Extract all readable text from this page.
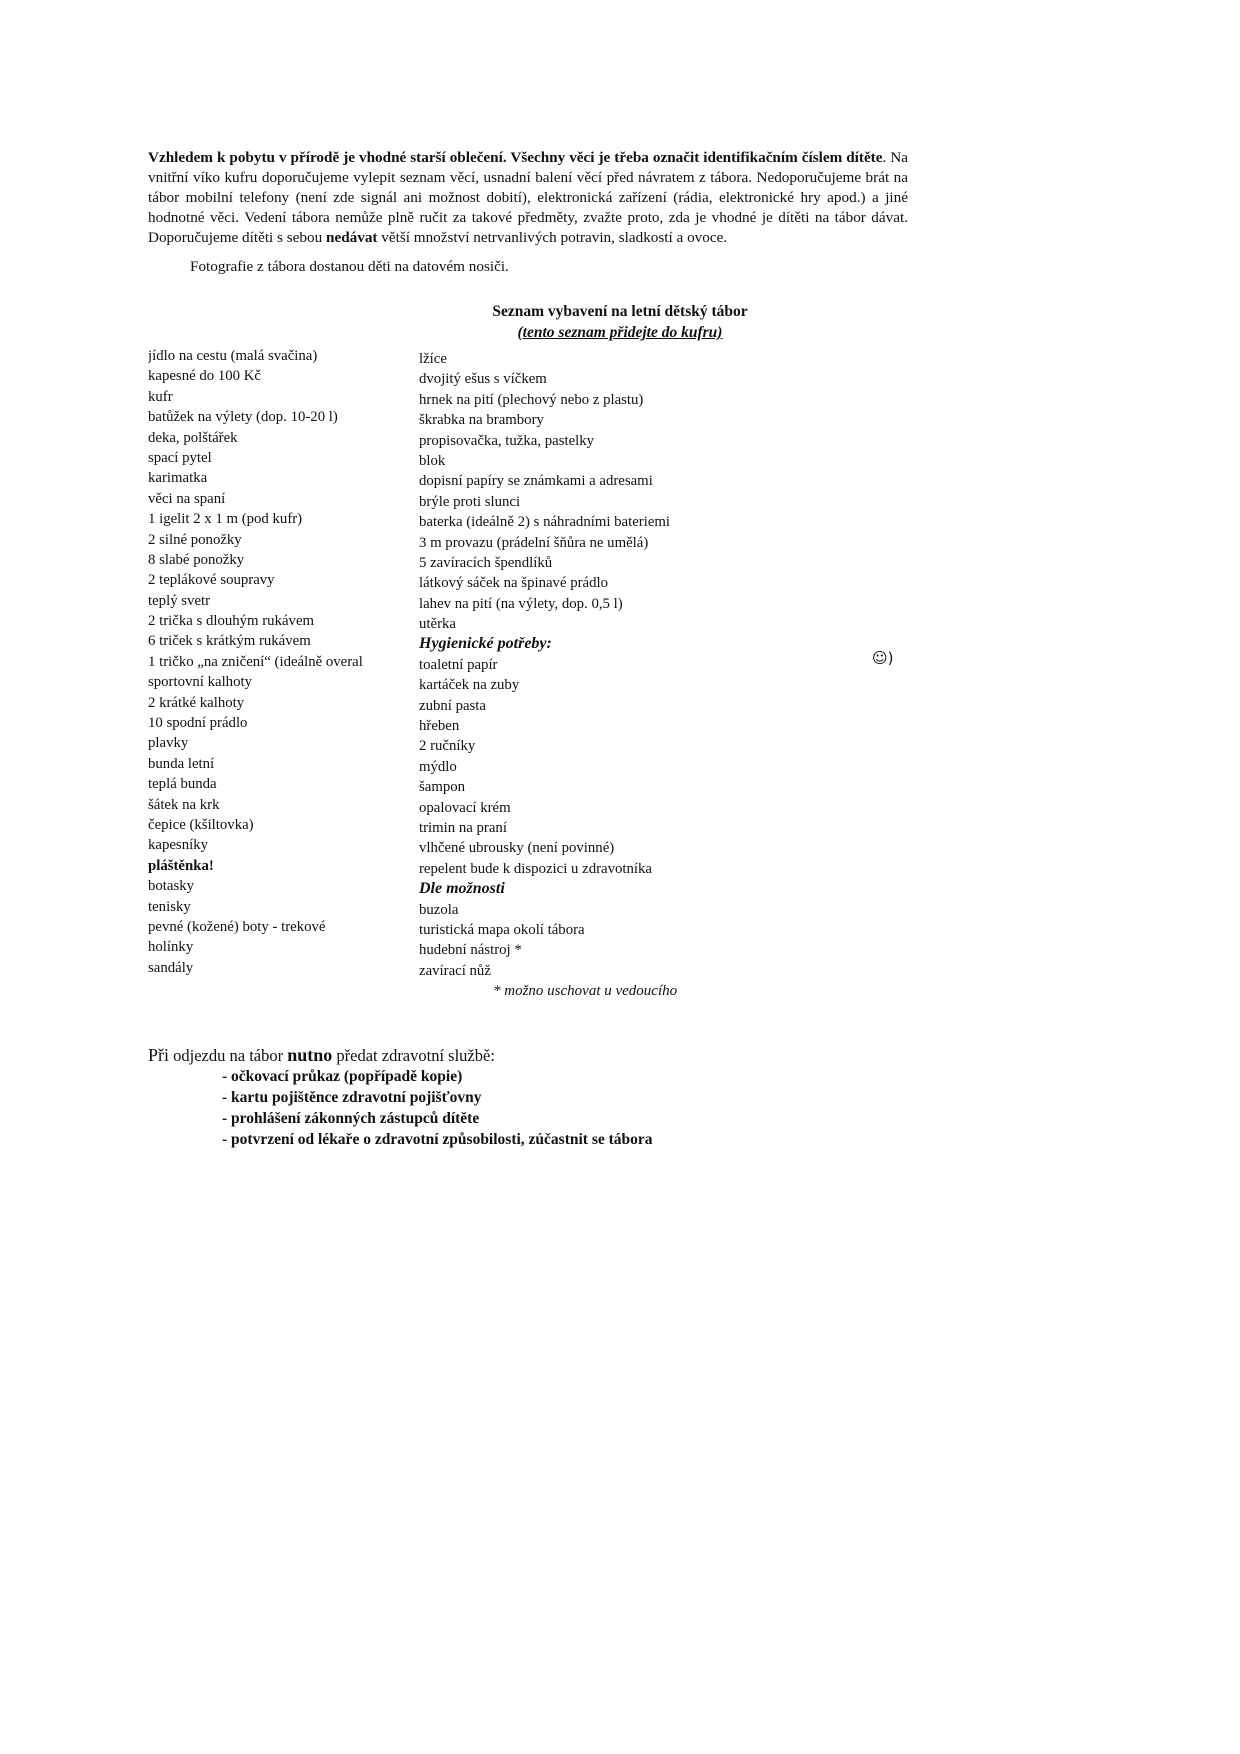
Vzhledem k pobytu v přírodě je vhodné starší oblečení. Všechny věci je třeba označit identifikačním číslem dítěte. Na vnitřní víko kufru doporučujeme vylepit seznam věcí, usnadní balení věcí před návratem z tábora. Nedoporučujeme brát na tábor mobilní telefony (není zde signál ani možnost dobití), elektronická zařízení (rádia, elektronické hry apod.) a jiné hodnotné věci. Vedení tábora nemůže plně ručit za takové předměty, zvažte proto, zda je vhodné je dítěti na tábor dávat. Doporučujeme dítěti s sebou nedávat větší množství netrvanlivých potravin, sladkostí a ovoce.

Fotografie z tábora dostanou děti na datovém nosiči.

Seznam vybavení na letní dětský tábor

(tento seznam přidejte do kufru)

jídlo na cestu (malá svačina)
kapesné do 100 Kč
kufr
batůžek na výlety (dop. 10-20 l)
deka, polštářek
spací pytel
karimatka
věci na spaní
1 igelit 2 x 1 m (pod kufr)
2 silné ponožky
8 slabé ponožky
2 teplákové soupravy
teplý svetr
2 trička s dlouhým rukávem
6 triček s krátkým rukávem
1 tričko „na zničení“ (ideálně overal
sportovní kalhoty
2 krátké kalhoty
10 spodní prádlo
plavky
bunda letní
teplá bunda
šátek na krk
čepice (kšiltovka)
kapesníky
pláštěnka!
botasky
tenisky
pevné (kožené) boty - trekové
holínky
sandály
lžíce
dvojitý ešus s víčkem
hrnek na pití (plechový nebo z plastu)
škrabka na brambory
propisovačka, tužka, pastelky
blok
dopisní papíry se známkami a adresami
brýle proti slunci
baterka (ideálně 2) s náhradními bateriemi
3 m provazu (prádelní šňůra ne umělá)
5 zavíracích špendlíků
látkový sáček na špinavé prádlo
lahev na pití (na výlety, dop. 0,5 l)
utěrka
Hygienické potřeby:
toaletní papír
kartáček na zuby
zubní pasta
hřeben
2 ručníky
mýdlo
šampon
opalovací krém
trimin na praní
vlhčené ubrousky (není povinné)
repelent bude k dispozici u zdravotníka
Dle možnosti
buzola
turistická mapa okolí tábora
hudební nástroj *
zavírací nůž
☺)

* možno uschovat u vedoucího

Při odjezdu na tábor nutno předat zdravotní službě:

- očkovací průkaz (popřípadě kopie)
- kartu pojištěnce zdravotní pojišťovny
- prohlášení zákonných zástupců dítěte
- potvrzení od lékaře o zdravotní způsobilosti, zúčastnit se tábora
